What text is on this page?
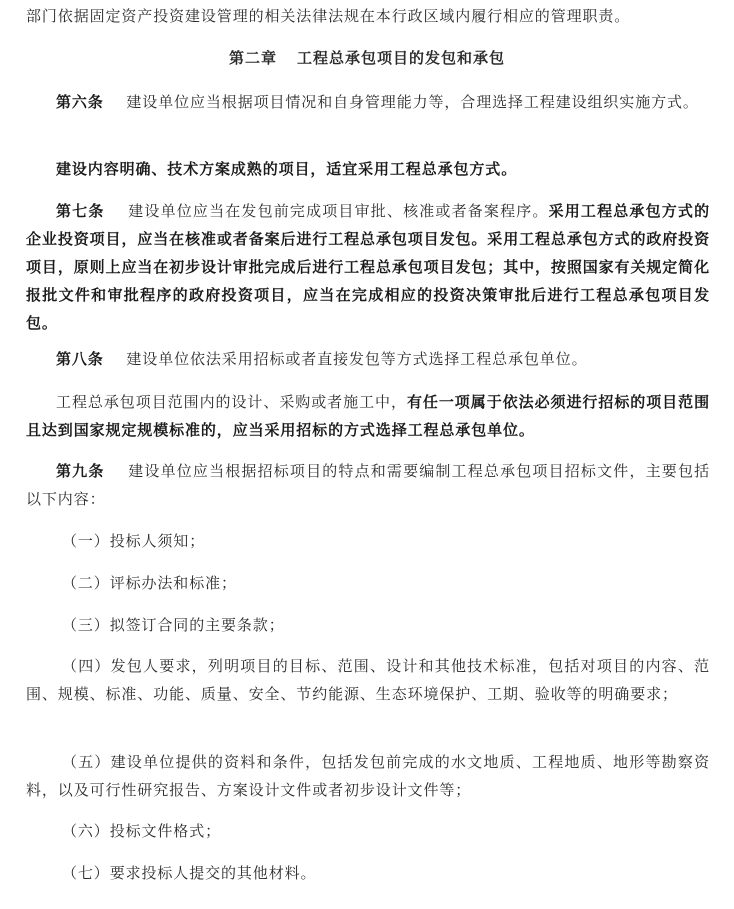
部门依据固定资产投资建设管理的相关法律法规在本行政区域内履行相应的管理职责。
第二章 工程总承包项目的发包和承包
第六条 建设单位应当根据项目情况和自身管理能力等，合理选择工程建设组织实施方式。
建设内容明确、技术方案成熟的项目，适宜采用工程总承包方式。
第七条 建设单位应当在发包前完成项目审批、核准或者备案程序。采用工程总承包方式的企业投资项目，应当在核准或者备案后进行工程总承包项目发包。采用工程总承包方式的政府投资项目，原则上应当在初步设计审批完成后进行工程总承包项目发包；其中，按照国家有关规定简化报批文件和审批程序的政府投资项目，应当在完成相应的投资决策审批后进行工程总承包项目发包。
第八条 建设单位依法采用招标或者直接发包等方式选择工程总承包单位。
工程总承包项目范围内的设计、采购或者施工中，有任一项属于依法必须进行招标的项目范围且达到国家规定规模标准的，应当采用招标的方式选择工程总承包单位。
第九条 建设单位应当根据招标项目的特点和需要编制工程总承包项目招标文件，主要包括以下内容：
（一）投标人须知；
（二）评标办法和标准；
（三）拟签订合同的主要条款；
（四）发包人要求，列明项目的目标、范围、设计和其他技术标准，包括对项目的内容、范围、规模、标准、功能、质量、安全、节约能源、生态环境保护、工期、验收等的明确要求；
（五）建设单位提供的资料和条件，包括发包前完成的水文地质、工程地质、地形等勘察资料，以及可行性研究报告、方案设计文件或者初步设计文件等；
（六）投标文件格式；
（七）要求投标人提交的其他材料。
